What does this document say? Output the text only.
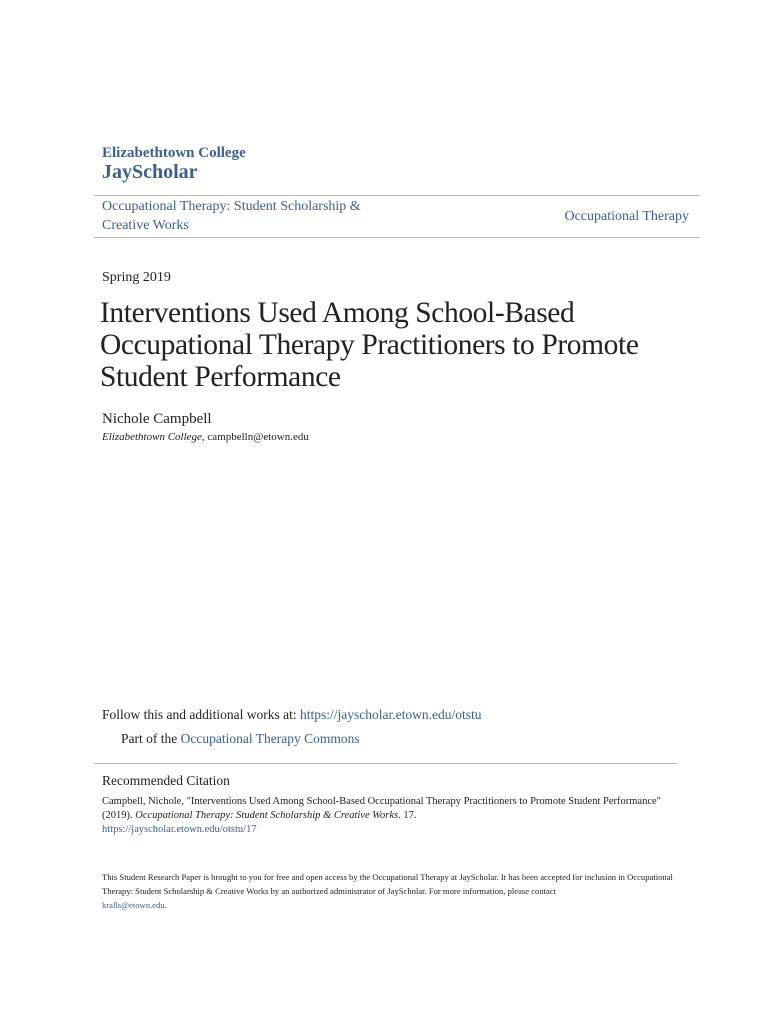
Elizabethtown College
JayScholar
Occupational Therapy: Student Scholarship & Creative Works
Occupational Therapy
Spring 2019
Interventions Used Among School-Based Occupational Therapy Practitioners to Promote Student Performance
Nichole Campbell
Elizabethtown College, campbelln@etown.edu
Follow this and additional works at: https://jayscholar.etown.edu/otstu
Part of the Occupational Therapy Commons
Recommended Citation
Campbell, Nichole, "Interventions Used Among School-Based Occupational Therapy Practitioners to Promote Student Performance"
(2019). Occupational Therapy: Student Scholarship & Creative Works. 17.
https://jayscholar.etown.edu/otstu/17
This Student Research Paper is brought to you for free and open access by the Occupational Therapy at JayScholar. It has been accepted for inclusion in Occupational Therapy: Student Scholarship & Creative Works by an authorized administrator of JayScholar. For more information, please contact
kralls@etown.edu.
